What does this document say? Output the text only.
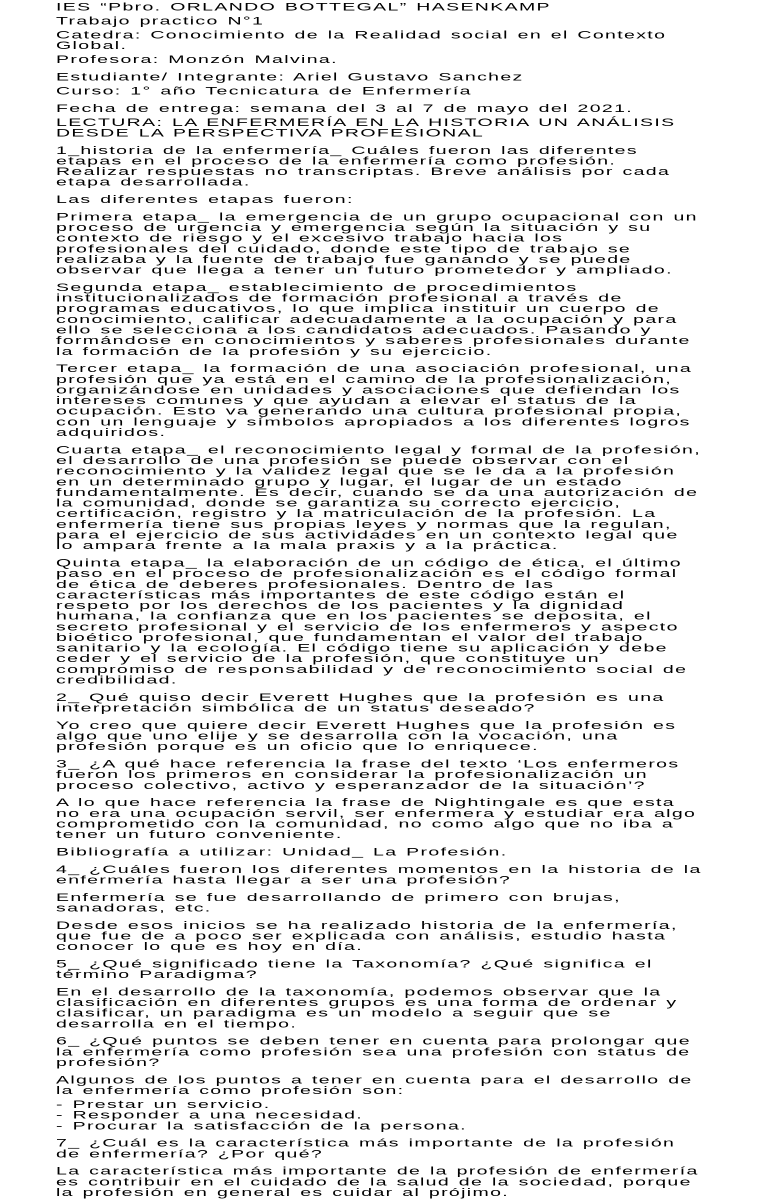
IES “Pbro. ORLANDO BOTTEGAL” HASENKAMP

Trabajo practico N°1

Catedra: Conocimiento de la Realidad social en el Contexto Global.

Profesora: Monzón Malvina.

Estudiante/ Integrante: Ariel Gustavo Sanchez

Curso: 1° año Tecnicatura de Enfermería

Fecha de entrega: semana del 3 al 7 de mayo del 2021.

LECTURA: LA ENFERMERÍA EN LA HISTORIA UN ANÁLISIS DESDE LA PERSPECTIVA PROFESIONAL

1_historia de la enfermería_ Cuáles fueron las diferentes etapas en el proceso de la enfermería como profesión. Realizar respuestas no transcriptas. Breve análisis por cada etapa desarrollada.

Las diferentes etapas fueron:

Primera etapa_ la emergencia de un grupo ocupacional con un proceso de urgencia y emergencia según la situación y su contexto de riesgo y el excesivo trabajo hacia los profesionales del cuidado, donde este tipo de trabajo se realizaba y la fuente de trabajo fue ganando y se puede observar que llega a tener un futuro prometedor y ampliado.

Segunda etapa_ establecimiento de procedimientos institucionalizados de formación profesional a través de programas educativos, lo que implica instituir un cuerpo de conocimiento, calificar adecuadamente a la ocupación y para ello se selecciona a los candidatos adecuados. Pasando y formándose en conocimientos y saberes profesionales durante la formación de la profesión y su ejercicio.

Tercer etapa_ la formación de una asociación profesional, una profesión que ya está en el camino de la profesionalización, organizándose en unidades y asociaciones que defiendan los intereses comunes y que ayudan a elevar el status de la ocupación. Esto va generando una cultura profesional propia, con un lenguaje y símbolos apropiados a los diferentes logros adquiridos.

Cuarta etapa_ el reconocimiento legal y formal de la profesión, el desarrollo de una profesión se puede observar con el reconocimiento y la validez legal que se le da a la profesión en un determinado grupo y lugar, el lugar de un estado fundamentalmente. Es decir, cuando se da una autorización de la comunidad, donde se garantiza su correcto ejercicio, certificación, registro y la matriculación de la profesión. La enfermería tiene sus propias leyes y normas que la regulan, para el ejercicio de sus actividades en un contexto legal que lo ampara frente a la mala praxis y a la práctica.

Quinta etapa_ la elaboración de un código de ética, el último paso en el proceso de profesionalización es el código formal de ética de deberes profesionales. Dentro de las características más importantes de este código están el respeto por los derechos de los pacientes y la dignidad humana, la confianza que en los pacientes se deposita, el secreto profesional y el servicio de los enfermeros y aspecto bioético profesional, que fundamentan el valor del trabajo sanitario y la ecología. El código tiene su aplicación y debe ceder y el servicio de la profesión, que constituye un compromiso de responsabilidad y de reconocimiento social de credibilidad.

2_ Qué quiso decir Everett Hughes que la profesión es una interpretación simbólica de un status deseado?

Yo creo que quiere decir Everett Hughes que la profesión es algo que uno elije y se desarrolla con la vocación, una profesión porque es un oficio que lo enriquece.

3_ ¿A qué hace referencia la frase del texto ‘Los enfermeros fueron los primeros en considerar la profesionalización un proceso colectivo, activo y esperanzador de la situación’?

A lo que hace referencia la frase de Nightingale es que esta no era una ocupación servil, ser enfermera y estudiar era algo comprometido con la comunidad, no como algo que no iba a tener un futuro conveniente.

Bibliografía a utilizar: Unidad_ La Profesión.

4_ ¿Cuáles fueron los diferentes momentos en la historia de la enfermería hasta llegar a ser una profesión?

Enfermería se fue desarrollando de primero con brujas, sanadoras, etc.

Desde esos inicios se ha realizado historia de la enfermería, que fue de a poco ser explicada con análisis, estudio hasta conocer lo que es hoy en día.

5_ ¿Qué significado tiene la Taxonomía? ¿Qué significa el término Paradigma?

En el desarrollo de la taxonomía, podemos observar que la clasificación en diferentes grupos es una forma de ordenar y clasificar, un paradigma es un modelo a seguir que se desarrolla en el tiempo.

6_ ¿Qué puntos se deben tener en cuenta para prolongar que la enfermería como profesión sea una profesión con status de profesión?

Algunos de los puntos a tener en cuenta para el desarrollo de la enfermería como profesión son:

- Prestar un servicio.
- Responder a una necesidad.
- Procurar la satisfacción de la persona.

7_ ¿Cuál es la característica más importante de la profesión de enfermería? ¿Por qué?

La característica más importante de la profesión de enfermería es contribuir en el cuidado de la salud de la sociedad, porque la profesión en general es cuidar al prójimo.
